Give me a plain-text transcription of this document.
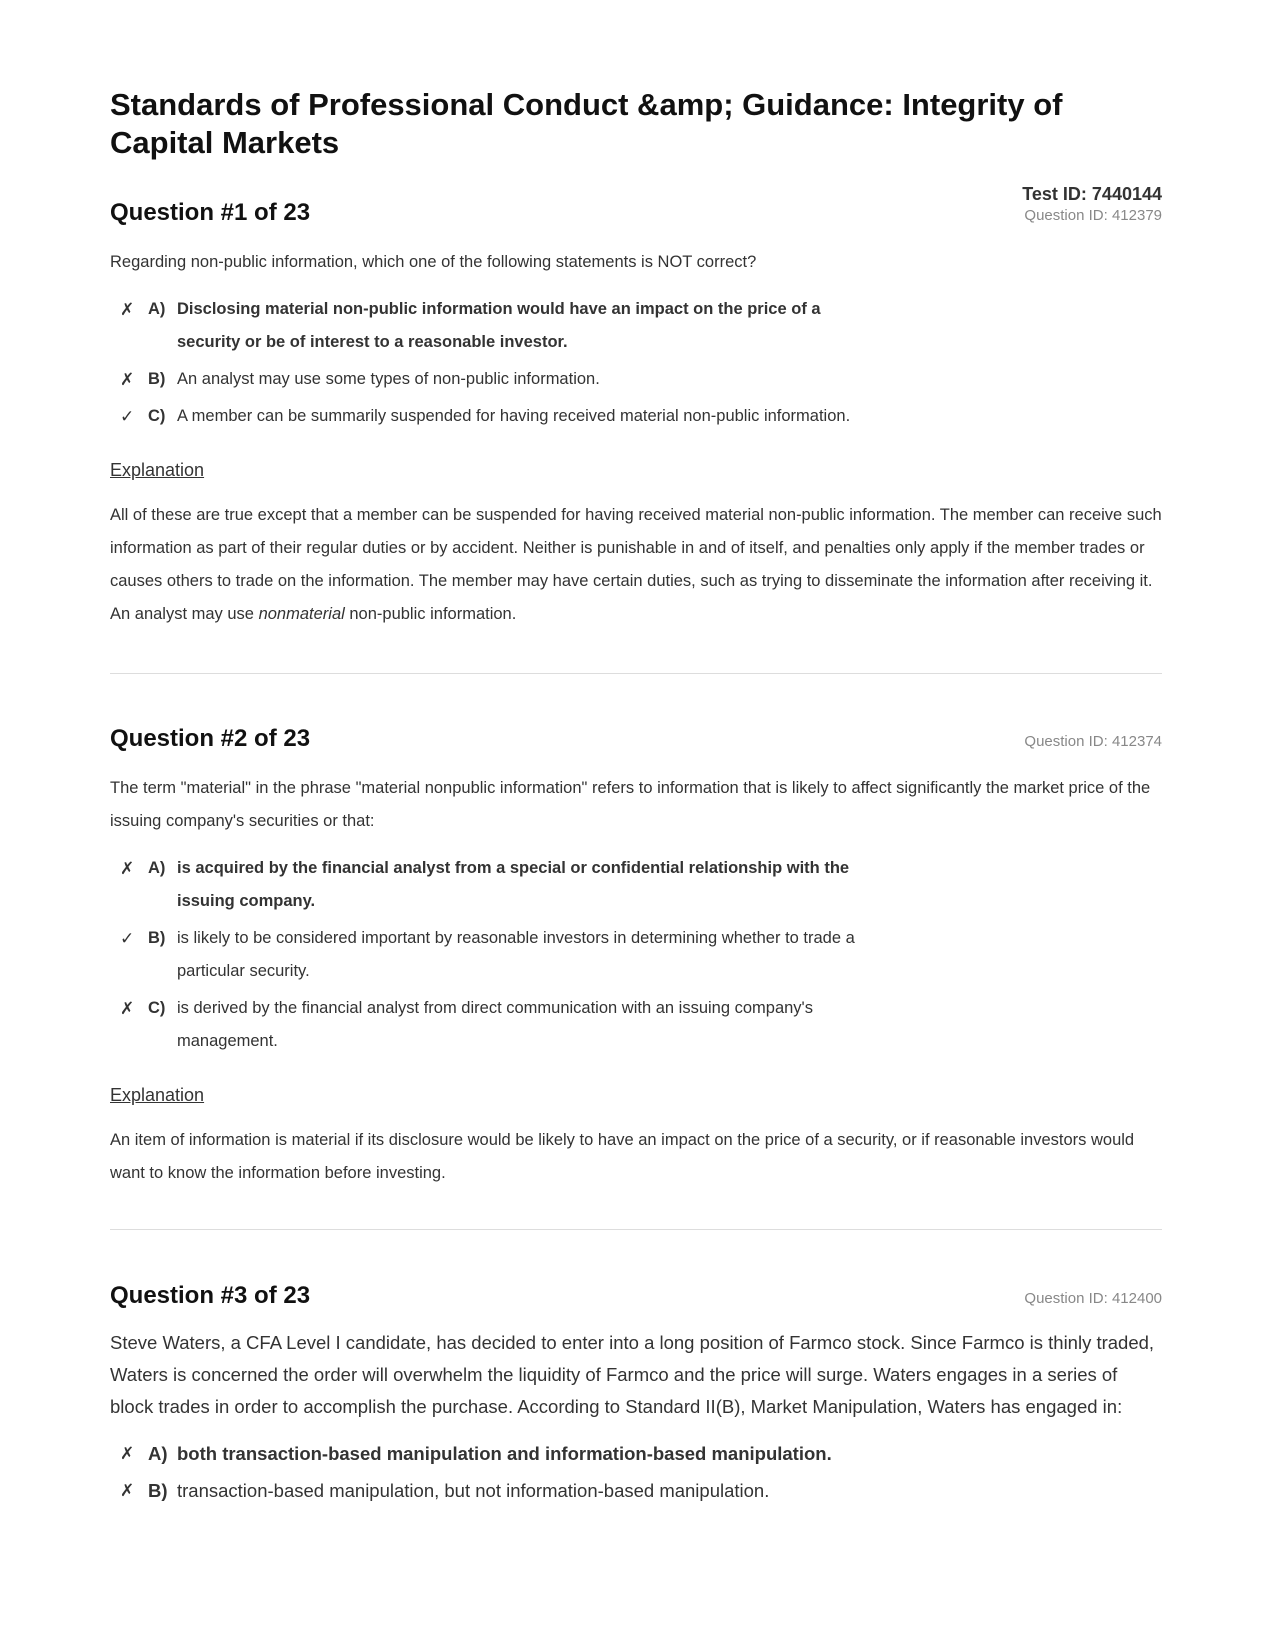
Standards of Professional Conduct &amp; Guidance: Integrity of Capital Markets
Test ID: 7440144
Question #1 of 23	Question ID: 412379

Regarding non-public information, which one of the following statements is NOT correct?

✗ A) Disclosing material non-public information would have an impact on the price of a security or be of interest to a reasonable investor.
✗ B) An analyst may use some types of non-public information.
✓ C) A member can be summarily suspended for having received material non-public information.
Explanation
All of these are true except that a member can be suspended for having received material non-public information. The member can receive such information as part of their regular duties or by accident. Neither is punishable in and of itself, and penalties only apply if the member trades or causes others to trade on the information. The member may have certain duties, such as trying to disseminate the information after receiving it. An analyst may use nonmaterial non-public information.
Question #2 of 23	Question ID: 412374

The term "material" in the phrase "material nonpublic information" refers to information that is likely to affect significantly the market price of the issuing company's securities or that:

✗ A) is acquired by the financial analyst from a special or confidential relationship with the issuing company.
✓ B) is likely to be considered important by reasonable investors in determining whether to trade a particular security.
✗ C) is derived by the financial analyst from direct communication with an issuing company's management.
Explanation
An item of information is material if its disclosure would be likely to have an impact on the price of a security, or if reasonable investors would want to know the information before investing.
Question #3 of 23	Question ID: 412400

Steve Waters, a CFA Level I candidate, has decided to enter into a long position of Farmco stock. Since Farmco is thinly traded, Waters is concerned the order will overwhelm the liquidity of Farmco and the price will surge. Waters engages in a series of block trades in order to accomplish the purchase. According to Standard II(B), Market Manipulation, Waters has engaged in:

✗ A) both transaction-based manipulation and information-based manipulation.
✗ B) transaction-based manipulation, but not information-based manipulation.
